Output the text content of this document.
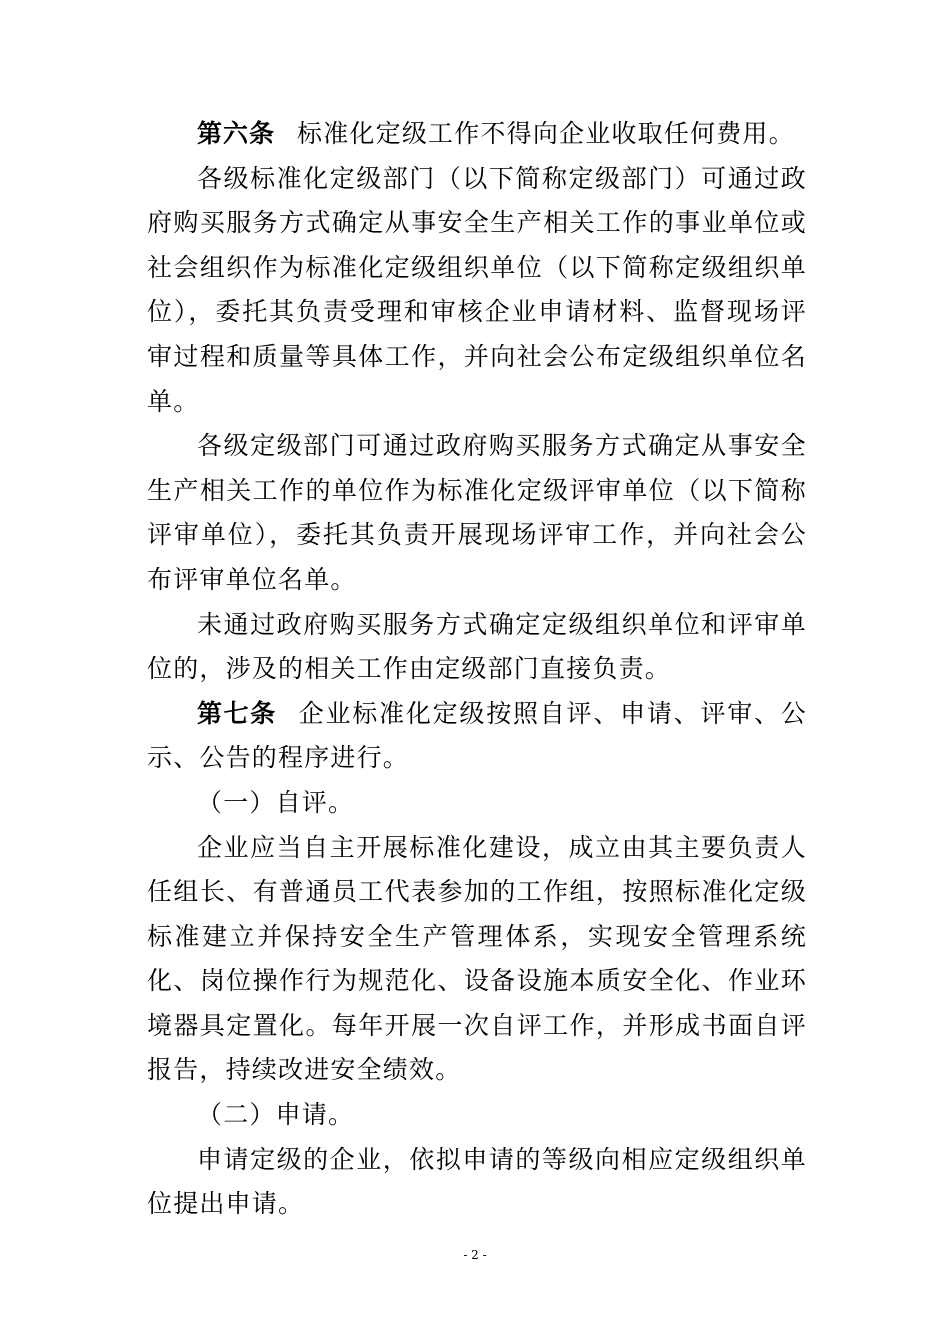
第六条 标准化定级工作不得向企业收取任何费用。

各级标准化定级部门（以下简称定级部门）可通过政府购买服务方式确定从事安全生产相关工作的事业单位或社会组织作为标准化定级组织单位（以下简称定级组织单位），委托其负责受理和审核企业申请材料、监督现场评审过程和质量等具体工作，并向社会公布定级组织单位名单。

各级定级部门可通过政府购买服务方式确定从事安全生产相关工作的单位作为标准化定级评审单位（以下简称评审单位），委托其负责开展现场评审工作，并向社会公布评审单位名单。

未通过政府购买服务方式确定定级组织单位和评审单位的，涉及的相关工作由定级部门直接负责。

第七条 企业标准化定级按照自评、申请、评审、公示、公告的程序进行。

（一）自评。

企业应当自主开展标准化建设，成立由其主要负责人任组长、有普通员工代表参加的工作组，按照标准化定级标准建立并保持安全生产管理体系，实现安全管理系统化、岗位操作行为规范化、设备设施本质安全化、作业环境器具定置化。每年开展一次自评工作，并形成书面自评报告，持续改进安全绩效。

（二）申请。

申请定级的企业，依拟申请的等级向相应定级组织单位提出申请。

- 2 -
